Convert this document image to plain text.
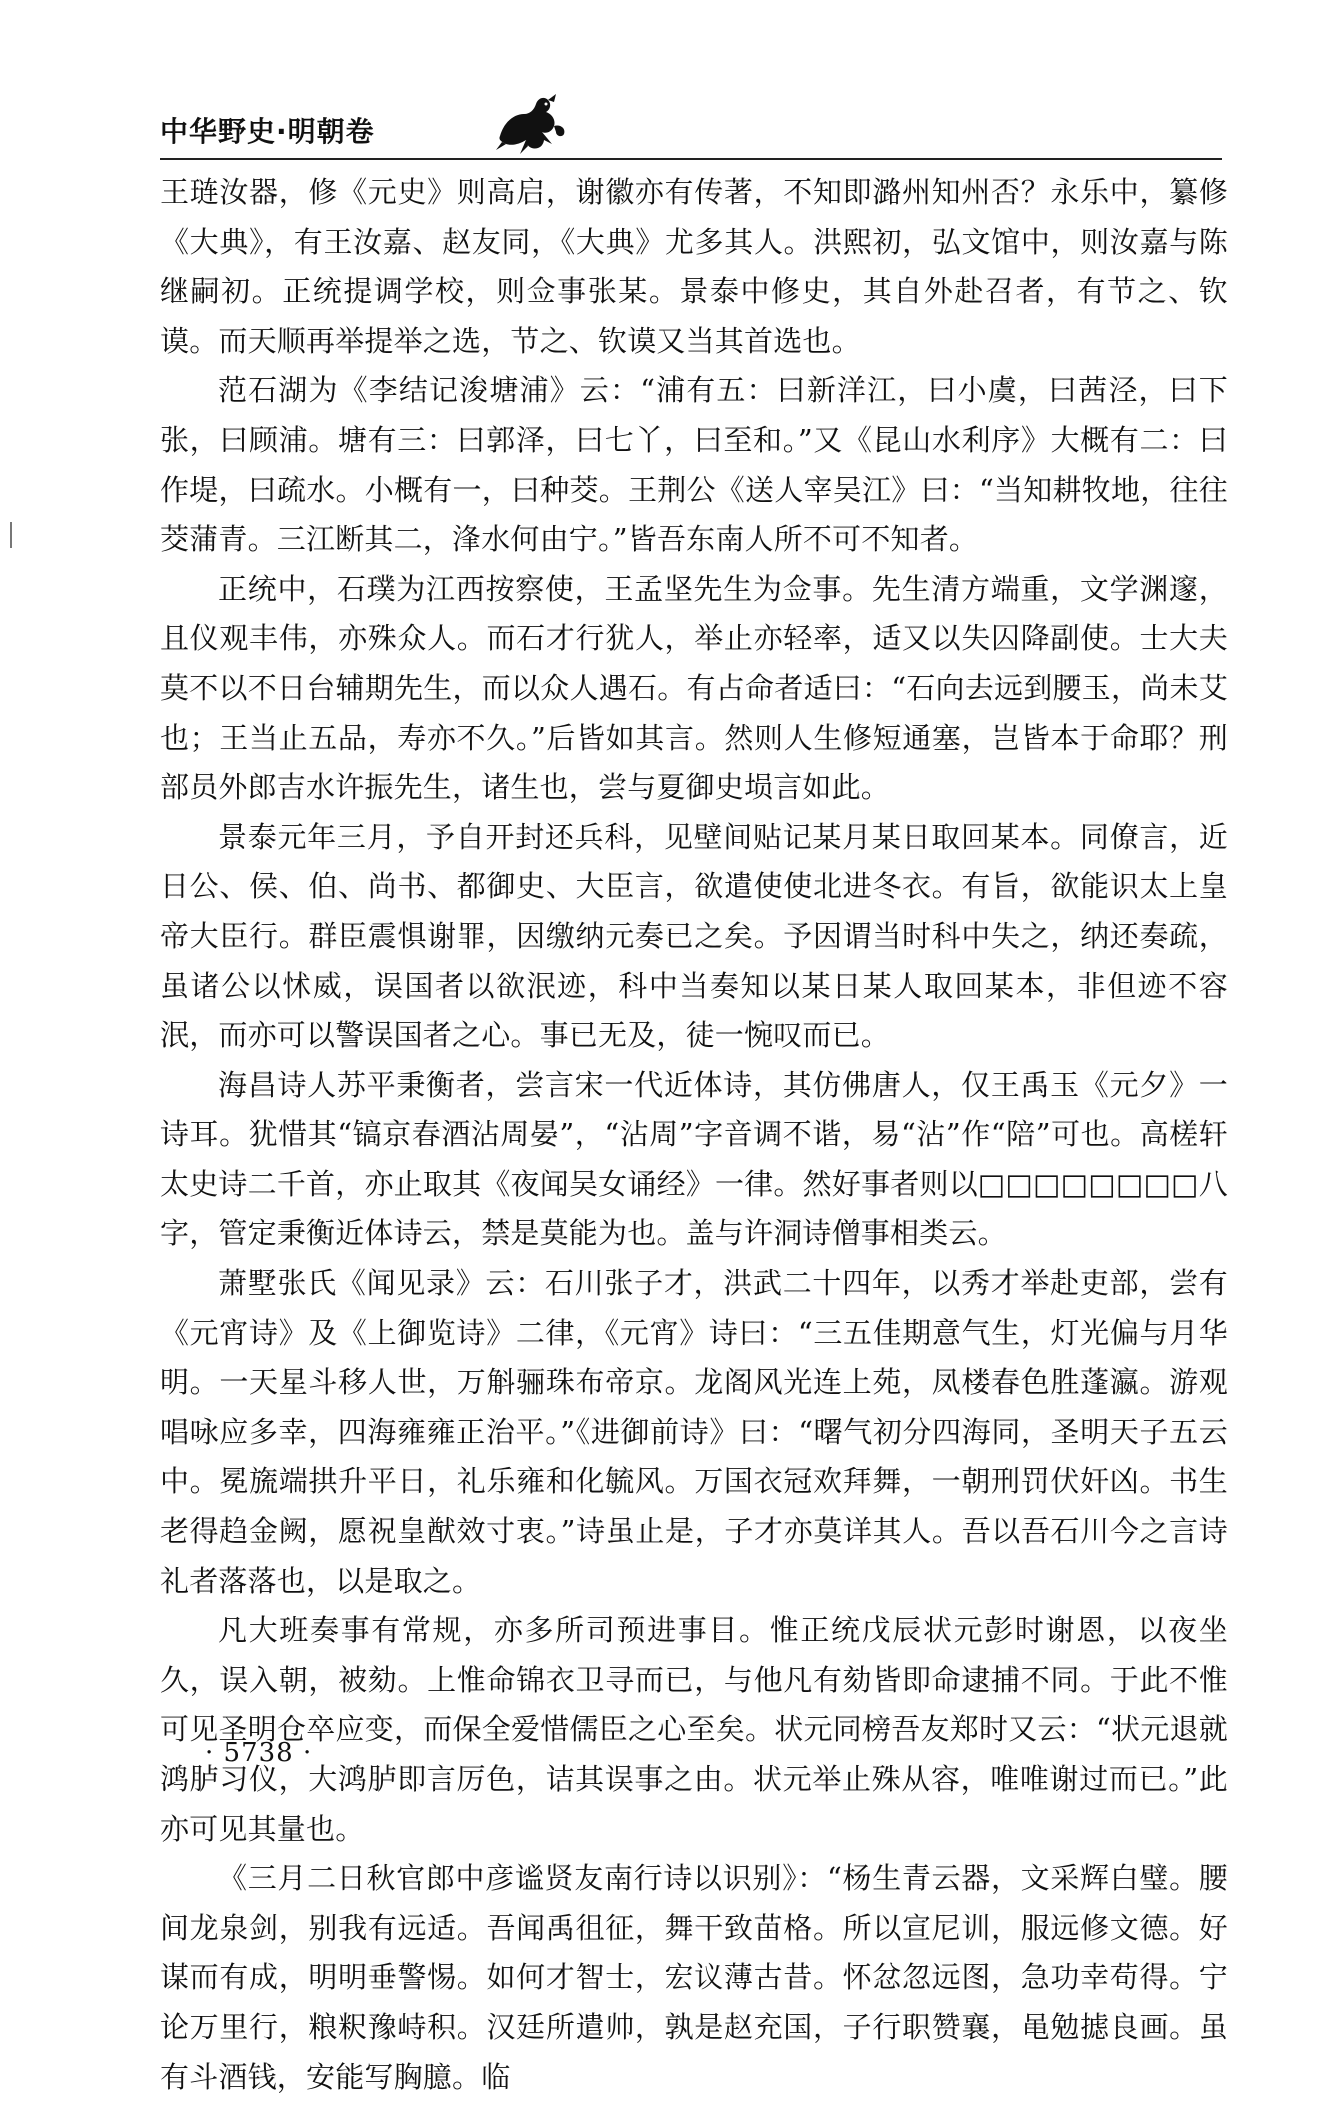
中华野史·明朝卷

王琏汝器，修《元史》则高启，谢徽亦有传著，不知即潞州知州否？永乐中，纂修《大典》，有王汝嘉、赵友同，《大典》尤多其人。洪熙初，弘文馆中，则汝嘉与陈继嗣初。正统提调学校，则佥事张某。景泰中修史，其自外赴召者，有节之、钦谟。而天顺再举提举之选，节之、钦谟又当其首选也。

范石湖为《李结记浚塘浦》云：“浦有五：曰新洋江，曰小虞，曰茜泾，曰下张，曰顾浦。塘有三：曰郭泽，曰七丫，曰至和。”又《昆山水利序》大概有二：曰作堤，曰疏水。小概有一，曰种茭。王荆公《送人宰吴江》曰：“当知耕牧地，往往茭蒲青。三江断其二，浲水何由宁。”皆吾东南人所不可不知者。

正统中，石璞为江西按察使，王孟坚先生为佥事。先生清方端重，文学渊邃，且仪观丰伟，亦殊众人。而石才行犹人，举止亦轻率，适又以失囚降副使。士大夫莫不以不日台辅期先生，而以众人遇石。有占命者适曰：“石向去远到腰玉，尚未艾也；王当止五品，寿亦不久。”后皆如其言。然则人生修短通塞，岂皆本于命耶？刑部员外郎吉水许振先生，诸生也，尝与夏御史埙言如此。

景泰元年三月，予自开封还兵科，见壁间贴记某月某日取回某本。同僚言，近日公、侯、伯、尚书、都御史、大臣言，欲遣使使北进冬衣。有旨，欲能识太上皇帝大臣行。群臣震惧谢罪，因缴纳元奏已之矣。予因谓当时科中失之，纳还奏疏，虽诸公以怵威，误国者以欲泯迹，科中当奏知以某日某人取回某本，非但迹不容泯，而亦可以警误国者之心。事已无及，徒一惋叹而已。

海昌诗人苏平秉衡者，尝言宋一代近体诗，其仿佛唐人，仅王禹玉《元夕》一诗耳。犹惜其“镐京春酒沾周晏”，“沾周”字音调不谐，易“沾”作“陪”可也。高槎轩太史诗二千首，亦止取其《夜闻吴女诵经》一律。然好事者则以□□□□□□□□八字，管定秉衡近体诗云，禁是莫能为也。盖与许洞诗僧事相类云。

萧墅张氏《闻见录》云：石川张子才，洪武二十四年，以秀才举赴吏部，尝有《元宵诗》及《上御览诗》二律，《元宵》诗曰：“三五佳期意气生，灯光偏与月华明。一天星斗移人世，万斛骊珠布帝京。龙阁风光连上苑，凤楼春色胜蓬瀛。游观唱咏应多幸，四海雍雍正治平。”《进御前诗》曰：“曙气初分四海同，圣明天子五云中。冕旒端拱升平日，礼乐雍和化毓风。万国衣冠欢拜舞，一朝刑罚伏奸凶。书生老得趋金阙，愿祝皇猷效寸衷。”诗虽止是，子才亦莫详其人。吾以吾石川今之言诗礼者落落也，以是取之。

凡大班奏事有常规，亦多所司预进事目。惟正统戊辰状元彭时谢恩，以夜坐久，误入朝，被劾。上惟命锦衣卫寻而已，与他凡有劾皆即命逮捕不同。于此不惟可见圣明仓卒应变，而保全爱惜儒臣之心至矣。状元同榜吾友郑时又云：“状元退就鸿胪习仪，大鸿胪即言厉色，诘其误事之由。状元举止殊从容，唯唯谢过而已。”此亦可见其量也。

《三月二日秋官郎中彦谧贤友南行诗以识别》：“杨生青云器，文采辉白璧。腰间龙泉剑，别我有远适。吾闻禹徂征，舞干致苗格。所以宣尼训，服远修文德。好谋而有成，明明垂警惕。如何才智士，宏议薄古昔。怀忿忽远图，急功幸苟得。宁论万里行，粮粎豫峙积。汉廷所遣帅，孰是赵充国，子行职赞襄，黾勉摅良画。虽有斗酒钱，安能写胸臆。临

· 5738 ·
